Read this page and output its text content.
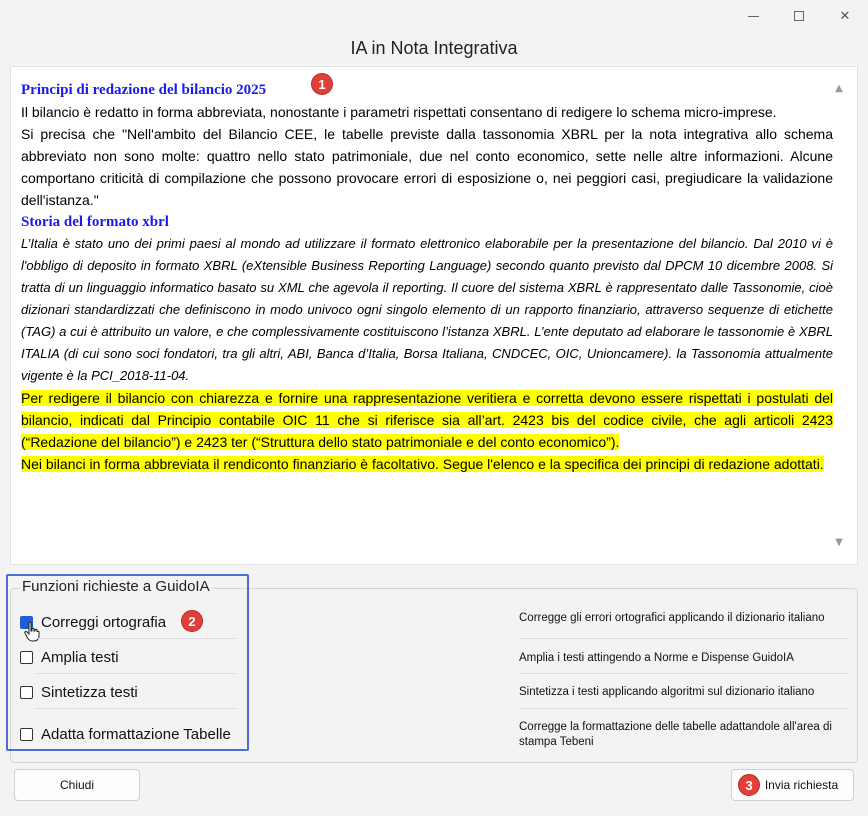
✕
IA in Nota Integrativa
Principi di redazione del bilancio 2025
Il bilancio è redatto in forma abbreviata, nonostante i parametri rispettati consentano di redigere lo schema micro-imprese.
Si precisa che "Nell'ambito del Bilancio CEE, le tabelle previste dalla tassonomia XBRL per la nota integrativa allo schema abbreviato non sono molte: quattro nello stato patrimoniale, due nel conto economico, sette nelle altre informazioni. Alcune comportano criticità di compilazione che possono provocare errori di esposizione o, nei peggiori casi, pregiudicare la validazione dell'istanza."
Storia del formato xbrl
L’Italia è stato uno dei primi paesi al mondo ad utilizzare il formato elettronico elaborabile per la presentazione del bilancio. Dal 2010 vi è l'obbligo di deposito in formato XBRL (eXtensible Business Reporting Language) secondo quanto previsto dal DPCM 10 dicembre 2008. Si tratta di un linguaggio informatico basato su XML che agevola il reporting. Il cuore del sistema XBRL è rappresentato dalle Tassonomie, cioè dizionari standardizzati che definiscono in modo univoco ogni singolo elemento di un rapporto finanziario, attraverso sequenze di etichette (TAG) a cui è attribuito un valore, e che complessivamente costituiscono l’istanza XBRL. L’ente deputato ad elaborare le tassonomie è XBRL ITALIA (di cui sono soci fondatori, tra gli altri, ABI, Banca d’Italia, Borsa Italiana, CNDCEC, OIC, Unioncamere). la Tassonomia attualmente vigente è la PCI_2018-11-04.
Per redigere il bilancio con chiarezza e fornire una rappresentazione veritiera e corretta devono essere rispettati i postulati del bilancio, indicati dal Principio contabile OIC 11 che si riferisce sia all’art. 2423 bis del codice civile, che agli articoli 2423 (“Redazione del bilancio”) e 2423 ter (“Struttura dello stato patrimoniale e del conto economico”).
Nei bilanci in forma abbreviata il rendiconto finanziario è facoltativo. Segue l'elenco e la specifica dei principi di redazione adottati.
▲
▼
1
Funzioni richieste a GuidoIA
Correggi ortografia	2
Amplia testi
Sintetizza testi
Adatta formattazione Tabelle
Corregge gli errori ortografici applicando il dizionario italiano
Amplia i testi attingendo a Norme e Dispense GuidoIA
Sintetizza i testi applicando algoritmi sul dizionario italiano
Corregge la formattazione delle tabelle adattandole all'area di stampa Tebeni
Chiudi	Invia richiesta
3
